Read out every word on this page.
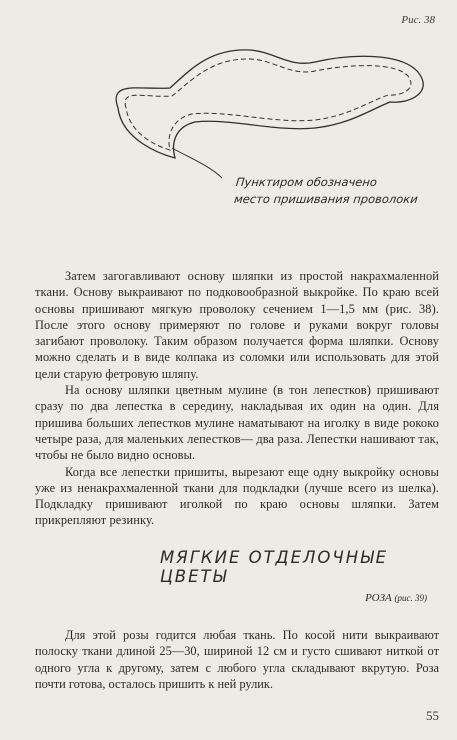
Рис. 38
Пунктиром обозначено
место пришивания проволоки

Затем загогавливают основу шляпки из простой накрахмаленной ткани. Основу выкраивают по подковообразной выкройке. По краю всей основы пришивают мягкую проволоку сечением 1—1,5 мм (рис. 38). После этого основу примеряют по голове и руками вокруг головы загибают проволоку. Таким образом получается форма шляпки. Основу можно сделать и в виде колпака из соломки или использовать для этой цели старую фетровую шляпу.

На основу шляпки цветным мулине (в тон лепестков) пришивают сразу по два лепестка в середину, накладывая их один на один. Для пришива больших лепестков мулине наматывают на иголку в виде рококо четыре раза, для маленьких лепестков— два раза. Лепестки нашивают так, чтобы не было видно основы.

Когда все лепестки пришиты, вырезают еще одну выкройку основы уже из ненакрахмаленной ткани для подкладки (лучше всего из шелка). Подкладку пришивают иголкой по краю основы шляпки. Затем прикрепляют резинку.

МЯГКИЕ ОТДЕЛОЧНЫЕ ЦВЕТЫ
РОЗА (рис. 39)

Для этой розы годится любая ткань. По косой нити выкраивают полоску ткани длиной 25—30, шириной 12 см и густо сшивают ниткой от одного угла к другому, затем с любого угла складывают вкрутую. Роза почти готова, осталось пришить к ней рулик.

55
